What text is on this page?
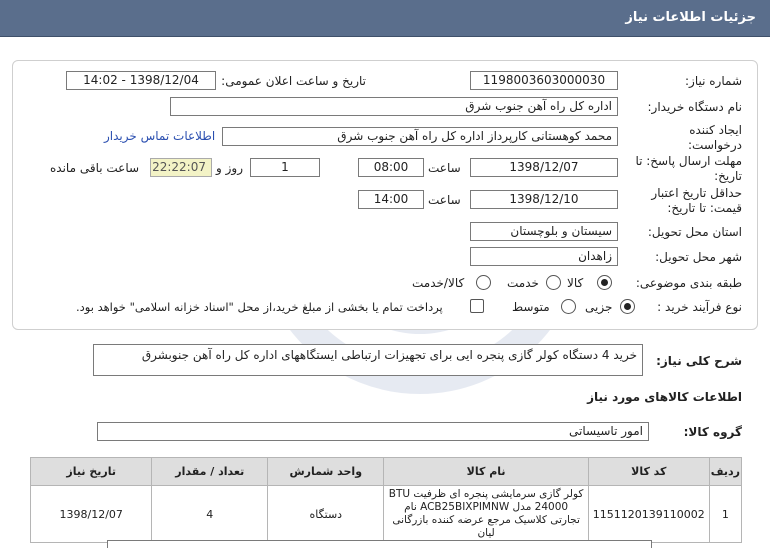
جزئیات اطلاعات نیاز
شماره نیاز:
1198003603000030
تاریخ و ساعت اعلان عمومی:
1398/12/04 - 14:02
نام دستگاه خریدار:
اداره کل راه آهن جنوب شرق
ایجاد کننده درخواست:
محمد کوهستانی کارپرداز اداره کل راه آهن جنوب شرق
اطلاعات تماس خریدار
مهلت ارسال پاسخ: تا تاریخ:
1398/12/07
ساعت
08:00
1
روز و
22:22:07
ساعت باقی مانده
حداقل تاریخ اعتبار قیمت: تا تاریخ:
1398/12/10
ساعت
14:00
استان محل تحویل:
سیستان و بلوچستان
شهر محل تحویل:
زاهدان
طبقه بندی موضوعی:
کالا
خدمت
کالا/خدمت
نوع فرآیند خرید :
جزیی
متوسط
پرداخت تمام یا بخشی از مبلغ خرید،از محل "اسناد خزانه اسلامی" خواهد بود.
شرح کلی نیاز:
خرید 4 دستگاه کولر گازی پنجره ایی برای تجهیزات ارتباطی ایستگاههای اداره کل راه آهن جنوبشرق
اطلاعات کالاهای مورد نیاز
گروه کالا:
امور تاسیساتی
ردیف	کد کالا	نام کالا	واحد شمارش	تعداد / مقدار	تاریخ نیاز
1	1151120139110002	کولر گازی سرمایشی پنجره ای ظرفیت BTU 24000 مدل ACB25BIXPIMNW نام تجارتی کلاسیک مرجع عرضه کننده بازرگانی لیان	دستگاه	4	1398/12/07
